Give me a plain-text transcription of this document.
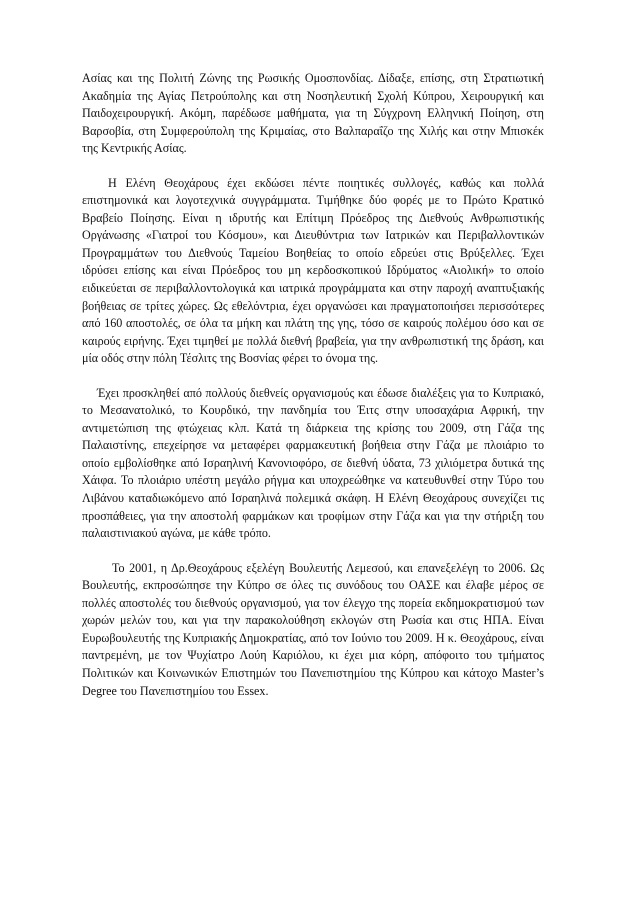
Ασίας και της Πολιτή Ζώνης της Ρωσικής Ομοσπονδίας. Δίδαξε, επίσης, στη Στρατιωτική Ακαδημία της Αγίας Πετρούπολης και στη Νοσηλευτική Σχολή Κύπρου, Χειρουργική και Παιδοχειρουργική. Ακόμη, παρέδωσε μαθήματα, για τη Σύγχρονη Ελληνική Ποίηση, στη Βαρσοβία, στη Συμφερούπολη της Κριμαίας, στο Βαλπαραΐζο της Χιλής και στην Μπισκέκ της Κεντρικής Ασίας.

Η Ελένη Θεοχάρους έχει εκδώσει πέντε ποιητικές συλλογές, καθώς και πολλά επιστημονικά και λογοτεχνικά συγγράμματα. Τιμήθηκε δύο φορές με το Πρώτο Κρατικό Βραβείο Ποίησης. Είναι η ιδρυτής και Επίτιμη Πρόεδρος της Διεθνούς Ανθρωπιστικής Οργάνωσης «Γιατροί του Κόσμου», και Διευθύντρια των Ιατρικών και Περιβαλλοντικών Προγραμμάτων του Διεθνούς Ταμείου Βοηθείας το οποίο εδρεύει στις Βρύξελλες. Έχει ιδρύσει επίσης και είναι Πρόεδρος του μη κερδοσκοπικού Ιδρύματος «Αιολική» το οποίο ειδικεύεται σε περιβαλλοντολογικά και ιατρικά προγράμματα και στην παροχή αναπτυξιακής βοήθειας σε τρίτες χώρες. Ως εθελόντρια, έχει οργανώσει και πραγματοποιήσει περισσότερες από 160 αποστολές, σε όλα τα μήκη και πλάτη της γης, τόσο σε καιρούς πολέμου όσο και σε καιρούς ειρήνης. Έχει τιμηθεί με πολλά διεθνή βραβεία, για την ανθρωπιστική της δράση, και μία οδός στην πόλη Τέσλιτς της Βοσνίας φέρει το όνομα της.

Έχει προσκληθεί από πολλούς διεθνείς οργανισμούς και έδωσε διαλέξεις για το Κυπριακό, το Μεσανατολικό, το Κουρδικό, την πανδημία του Έιτς στην υποσαχάρια Αφρική, την αντιμετώπιση της φτώχειας κλπ. Κατά τη διάρκεια της κρίσης του 2009, στη Γάζα της Παλαιστίνης, επεχείρησε να μεταφέρει φαρμακευτική βοήθεια στην Γάζα με πλοιάριο το οποίο εμβολίσθηκε από Ισραηλινή Κανονιοφόρο, σε διεθνή ύδατα, 73 χιλιόμετρα δυτικά της Χάιφα. Το πλοιάριο υπέστη μεγάλο ρήγμα και υποχρεώθηκε να κατευθυνθεί στην Τύρο του Λιβάνου καταδιωκόμενο από Ισραηλινά πολεμικά σκάφη. Η Ελένη Θεοχάρους συνεχίζει τις προσπάθειες, για την αποστολή φαρμάκων και τροφίμων στην Γάζα και για την στήριξη του παλαιστινιακού αγώνα, με κάθε τρόπο.

Το 2001, η Δρ.Θεοχάρους εξελέγη Βουλευτής Λεμεσού, και επανεξελέγη το 2006. Ως Βουλευτής, εκπροσώπησε την Κύπρο σε όλες τις συνόδους του ΟΑΣΕ και έλαβε μέρος σε πολλές αποστολές του διεθνούς οργανισμού, για τον έλεγχο της πορεία εκδημοκρατισμού των χωρών μελών του, και για την παρακολούθηση εκλογών στη Ρωσία και στις ΗΠΑ. Είναι Ευρωβουλευτής της Κυπριακής Δημοκρατίας, από τον Ιούνιο του 2009. Η κ. Θεοχάρους, είναι παντρεμένη, με τον Ψυχίατρο Λούη Καριόλου, κι έχει μια κόρη, απόφοιτο του τμήματος Πολιτικών και Κοινωνικών Επιστημών του Πανεπιστημίου της Κύπρου και κάτοχο Master’s Degree του Πανεπιστημίου του Essex.
